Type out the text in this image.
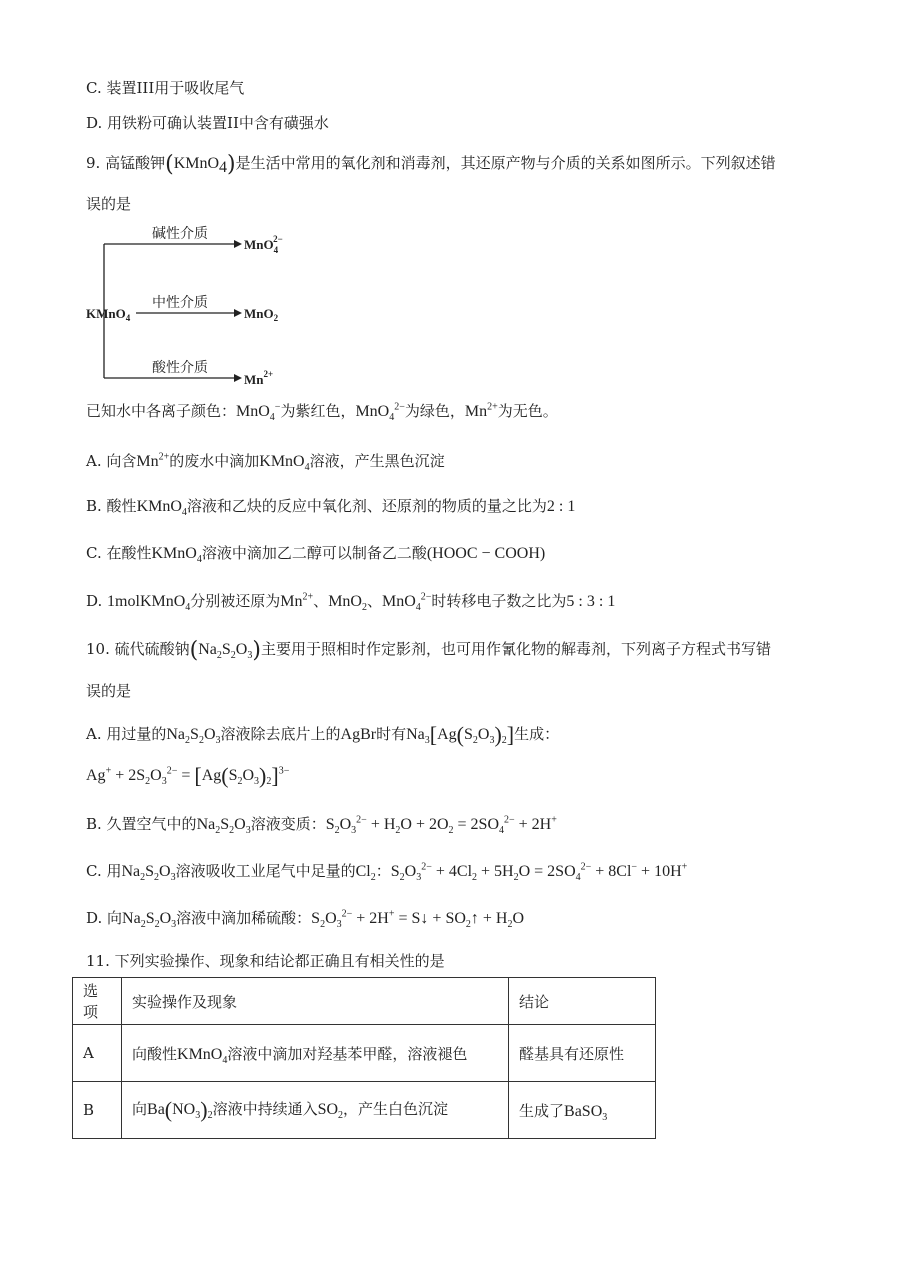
C. 装置III用于吸收尾气
D. 用铁粉可确认装置II中含有磺强水
9. 高锰酸钾(KMnO$_4$)是生活中常用的氧化剂和消毒剂，其还原产物与介质的关系如图所示。下列叙述错
误的是
碱性介质
中性介质
酸性介质
KMnO$_4$
MnO$_4$2−
MnO$_2$
$Mn^{2+}$
已知水中各离子颜色：MnO$_4$−为紫红色，MnO$_4^{2-}$为绿色，$Mn^{2+}$为无色。
A. 向含$Mn^{2+}$的废水中滴加KMnO$_4$溶液，产生黑色沉淀
B. 酸性KMnO$_4$溶液和乙炔的反应中氧化剂、还原剂的物质的量之比为2 : 1
C. 在酸性KMnO$_4$溶液中滴加乙二醇可以制备乙二酸(HOOC − COOH)
D. 1molKMnO$_4$分别被还原为$Mn^{2+}$、MnO$_2$、MnO$_4^{2-}$时转移电子数之比为5 : 3 : 1
10. 硫代硫酸钠$(Na_2S_2O_3)$主要用于照相时作定影剂，也可用作氰化物的解毒剂，下列离子方程式书写错
误的是
A. 用过量的$Na_2S_2O_3$溶液除去底片上的AgBr时有$Na_3[Ag(S_2O_3)_2]$生成：
$Ag^+ + 2S_2O_3^{2-} = [Ag(S_2O_3)_2]^{3-}$
B. 久置空气中的$Na_2S_2O_3$溶液变质：$S_2O_3^{2-} + H_2O + 2O_2 = 2SO_4^{2-} + 2H^+$
C. 用$Na_2S_2O_3$溶液吸收工业尾气中足量的$Cl_2$：$S_2O_3^{2-} + 4Cl_2 + 5H_2O = 2SO_4^{2-} + 8Cl^- + 10H^+$
D. 向$Na_2S_2O_3$溶液中滴加稀硫酸：$S_2O_3^{2-} + 2H^+$ = S↓ + $SO_2↑ + H_2O$
11. 下列实验操作、现象和结论都正确且有相关性的是
选项	实验操作及现象	结论
A	向酸性KMnO$_4$溶液中滴加对羟基苯甲醛，溶液褪色	醛基具有还原性
B	向$Ba(NO_3)_2$溶液中持续通入$SO_2$，产生白色沉淀	生成了BaSO$_3$
